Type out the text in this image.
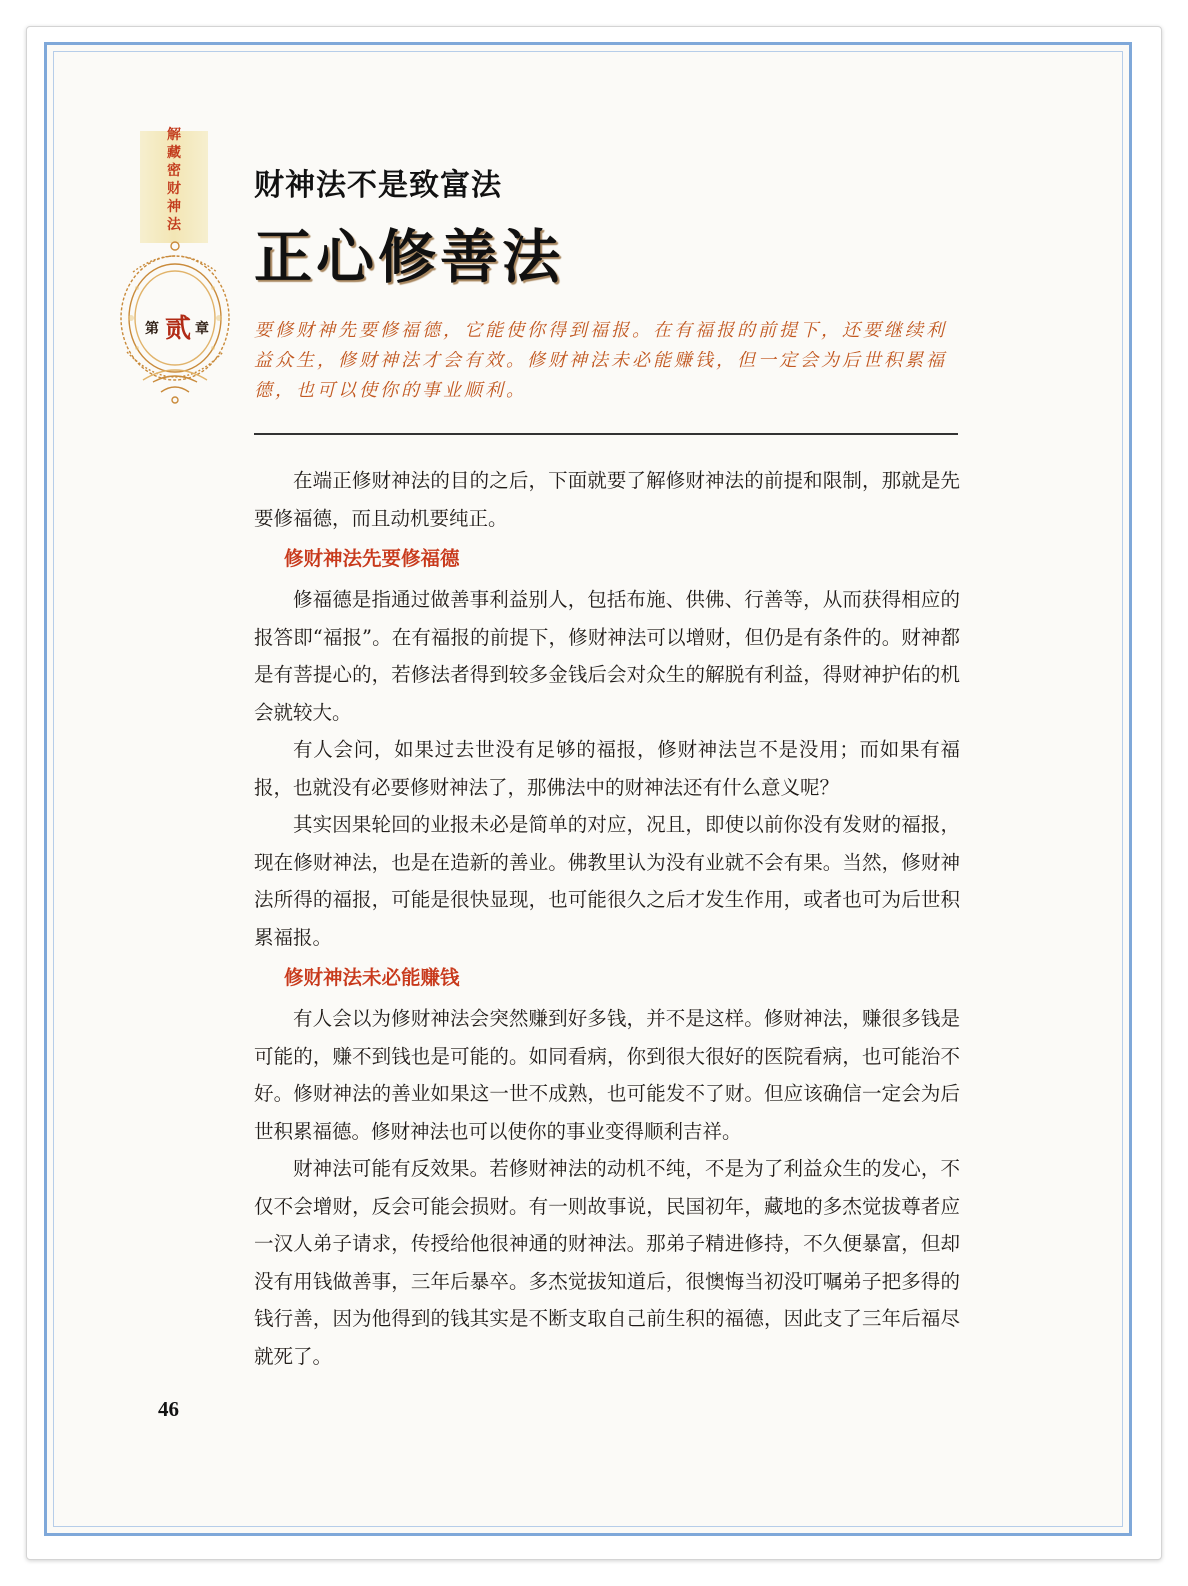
解藏密财神法
第 贰 章
财神法不是致富法
正心修善法
要修财神先要修福德，它能使你得到福报。在有福报的前提下，还要继续利益众生，修财神法才会有效。修财神法未必能赚钱，但一定会为后世积累福德，也可以使你的事业顺利。

在端正修财神法的目的之后，下面就要了解修财神法的前提和限制，那就是先要修福德，而且动机要纯正。

修财神法先要修福德

修福德是指通过做善事利益别人，包括布施、供佛、行善等，从而获得相应的报答即“福报”。在有福报的前提下，修财神法可以增财，但仍是有条件的。财神都是有菩提心的，若修法者得到较多金钱后会对众生的解脱有利益，得财神护佑的机会就较大。

有人会问，如果过去世没有足够的福报，修财神法岂不是没用；而如果有福报，也就没有必要修财神法了，那佛法中的财神法还有什么意义呢？

其实因果轮回的业报未必是简单的对应，况且，即使以前你没有发财的福报，现在修财神法，也是在造新的善业。佛教里认为没有业就不会有果。当然，修财神法所得的福报，可能是很快显现，也可能很久之后才发生作用，或者也可为后世积累福报。

修财神法未必能赚钱

有人会以为修财神法会突然赚到好多钱，并不是这样。修财神法，赚很多钱是可能的，赚不到钱也是可能的。如同看病，你到很大很好的医院看病，也可能治不好。修财神法的善业如果这一世不成熟，也可能发不了财。但应该确信一定会为后世积累福德。修财神法也可以使你的事业变得顺利吉祥。

财神法可能有反效果。若修财神法的动机不纯，不是为了利益众生的发心，不仅不会增财，反会可能会损财。有一则故事说，民国初年，藏地的多杰觉拔尊者应一汉人弟子请求，传授给他很神通的财神法。那弟子精进修持，不久便暴富，但却没有用钱做善事，三年后暴卒。多杰觉拔知道后，很懊悔当初没叮嘱弟子把多得的钱行善，因为他得到的钱其实是不断支取自己前生积的福德，因此支了三年后福尽就死了。

46
